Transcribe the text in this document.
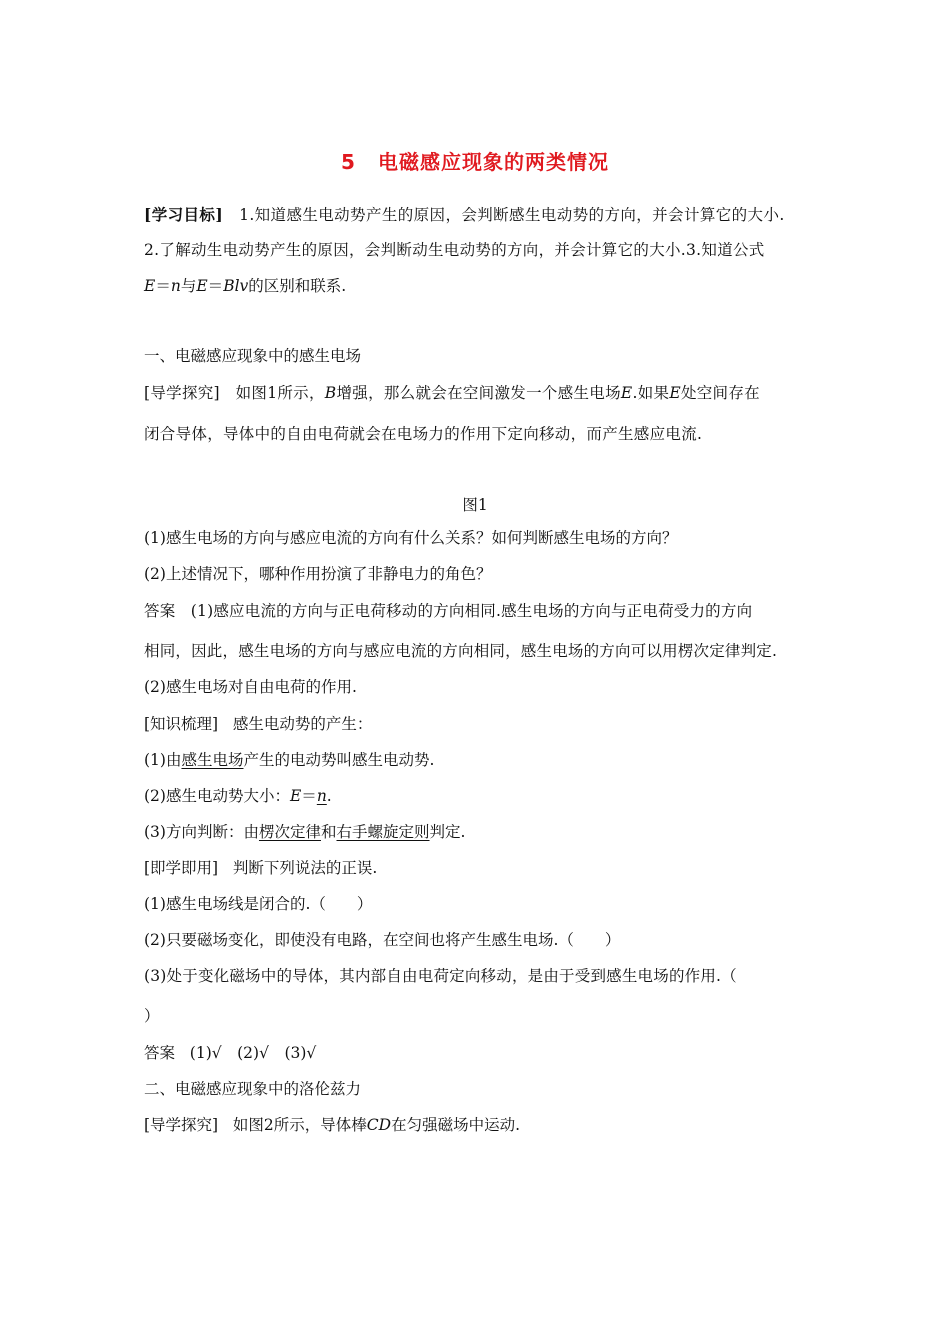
5 电磁感应现象的两类情况
[学习目标] 1.知道感生电动势产生的原因，会判断感生电动势的方向，并会计算它的大小.
2.了解动生电动势产生的原因，会判断动生电动势的方向，并会计算它的大小.3.知道公式
E＝n与E＝Blv的区别和联系.
一、电磁感应现象中的感生电场
[导学探究] 如图1所示，B增强，那么就会在空间激发一个感生电场E.如果E处空间存在
闭合导体，导体中的自由电荷就会在电场力的作用下定向移动，而产生感应电流.
图1
(1)感生电场的方向与感应电流的方向有什么关系？如何判断感生电场的方向？
(2)上述情况下，哪种作用扮演了非静电力的角色？
答案 (1)感应电流的方向与正电荷移动的方向相同.感生电场的方向与正电荷受力的方向
相同，因此，感生电场的方向与感应电流的方向相同，感生电场的方向可以用楞次定律判定.
(2)感生电场对自由电荷的作用.
[知识梳理] 感生电动势的产生：
(1)由感生电场产生的电动势叫感生电动势.
(2)感生电动势大小：E＝n.
(3)方向判断：由楞次定律和右手螺旋定则判定.
[即学即用] 判断下列说法的正误.
(1)感生电场线是闭合的.（　　）
(2)只要磁场变化，即使没有电路，在空间也将产生感生电场.（　　）
(3)处于变化磁场中的导体，其内部自由电荷定向移动，是由于受到感生电场的作用.（
）
答案 (1)√　(2)√　(3)√
二、电磁感应现象中的洛伦兹力
[导学探究] 如图2所示，导体棒CD在匀强磁场中运动.
